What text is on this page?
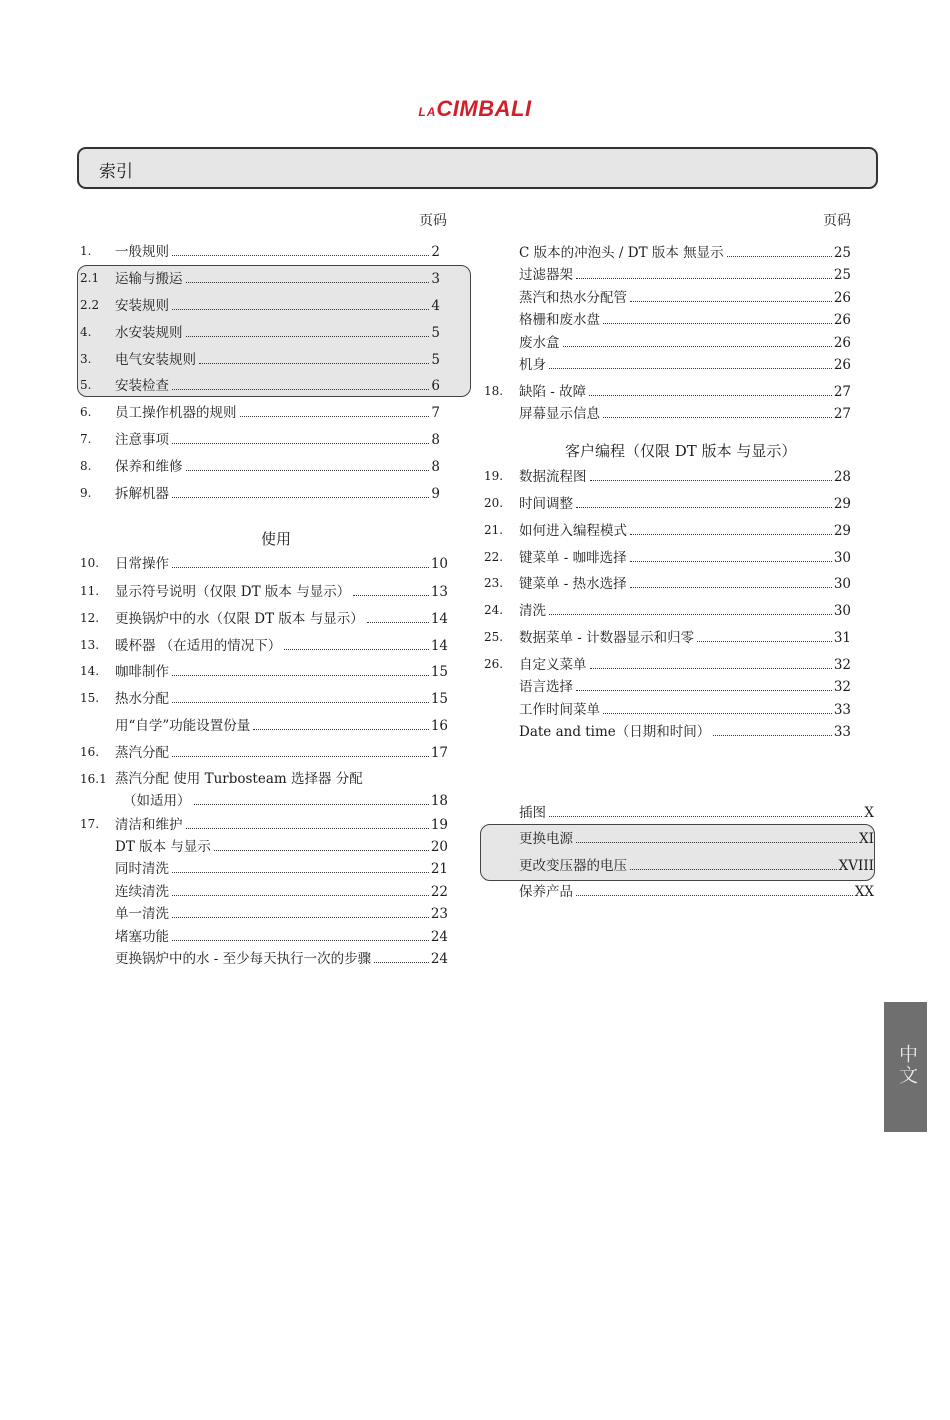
LACIMBALI
索引
页码	页码
使用
客户编程（仅限 DT 版本 与显示）
1. 一般规则	2
2.1 运输与搬运	3
2.2 安装规则	4
4. 水安装规则	5
3. 电气安装规则	5
5. 安装检查	6
6. 员工操作机器的规则	7
7. 注意事项	8
8. 保养和维修	8
9. 拆解机器	9
10. 日常操作	10
11. 显示符号说明（仅限 DT 版本 与显示）	13
12. 更换锅炉中的水（仅限 DT 版本 与显示）	14
13. 暖杯器 （在适用的情况下）	14
14. 咖啡制作	15
15. 热水分配	15
用“自学”功能设置份量	16
16. 蒸汽分配	17
16.1 蒸汽分配 使用 Turbosteam 选择器 分配
（如适用）	18
17. 清洁和维护	19
DT 版本 与显示	20
同时清洗	21
连续清洗	22
单一清洗	23
堵塞功能	24
更换锅炉中的水 - 至少每天执行一次的步骤	24
C 版本的冲泡头 / DT 版本 無显示	25
过滤器架	25
蒸汽和热水分配管	26
格栅和废水盘	26
废水盒	26
机身	26
18. 缺陷 - 故障	27
屏幕显示信息	27
19. 数据流程图	28
20. 时间调整	29
21. 如何进入编程模式	29
22. 键菜单 - 咖啡选择	30
23. 键菜单 - 热水选择	30
24. 清洗	30
25. 数据菜单 - 计数器显示和归零	31
26. 自定义菜单	32
语言选择	32
工作时间菜单	33
Date and time（日期和时间）	33
插图	X
更换电源	XI
更改变压器的电压	XVIII
保养产品	XX
中文
